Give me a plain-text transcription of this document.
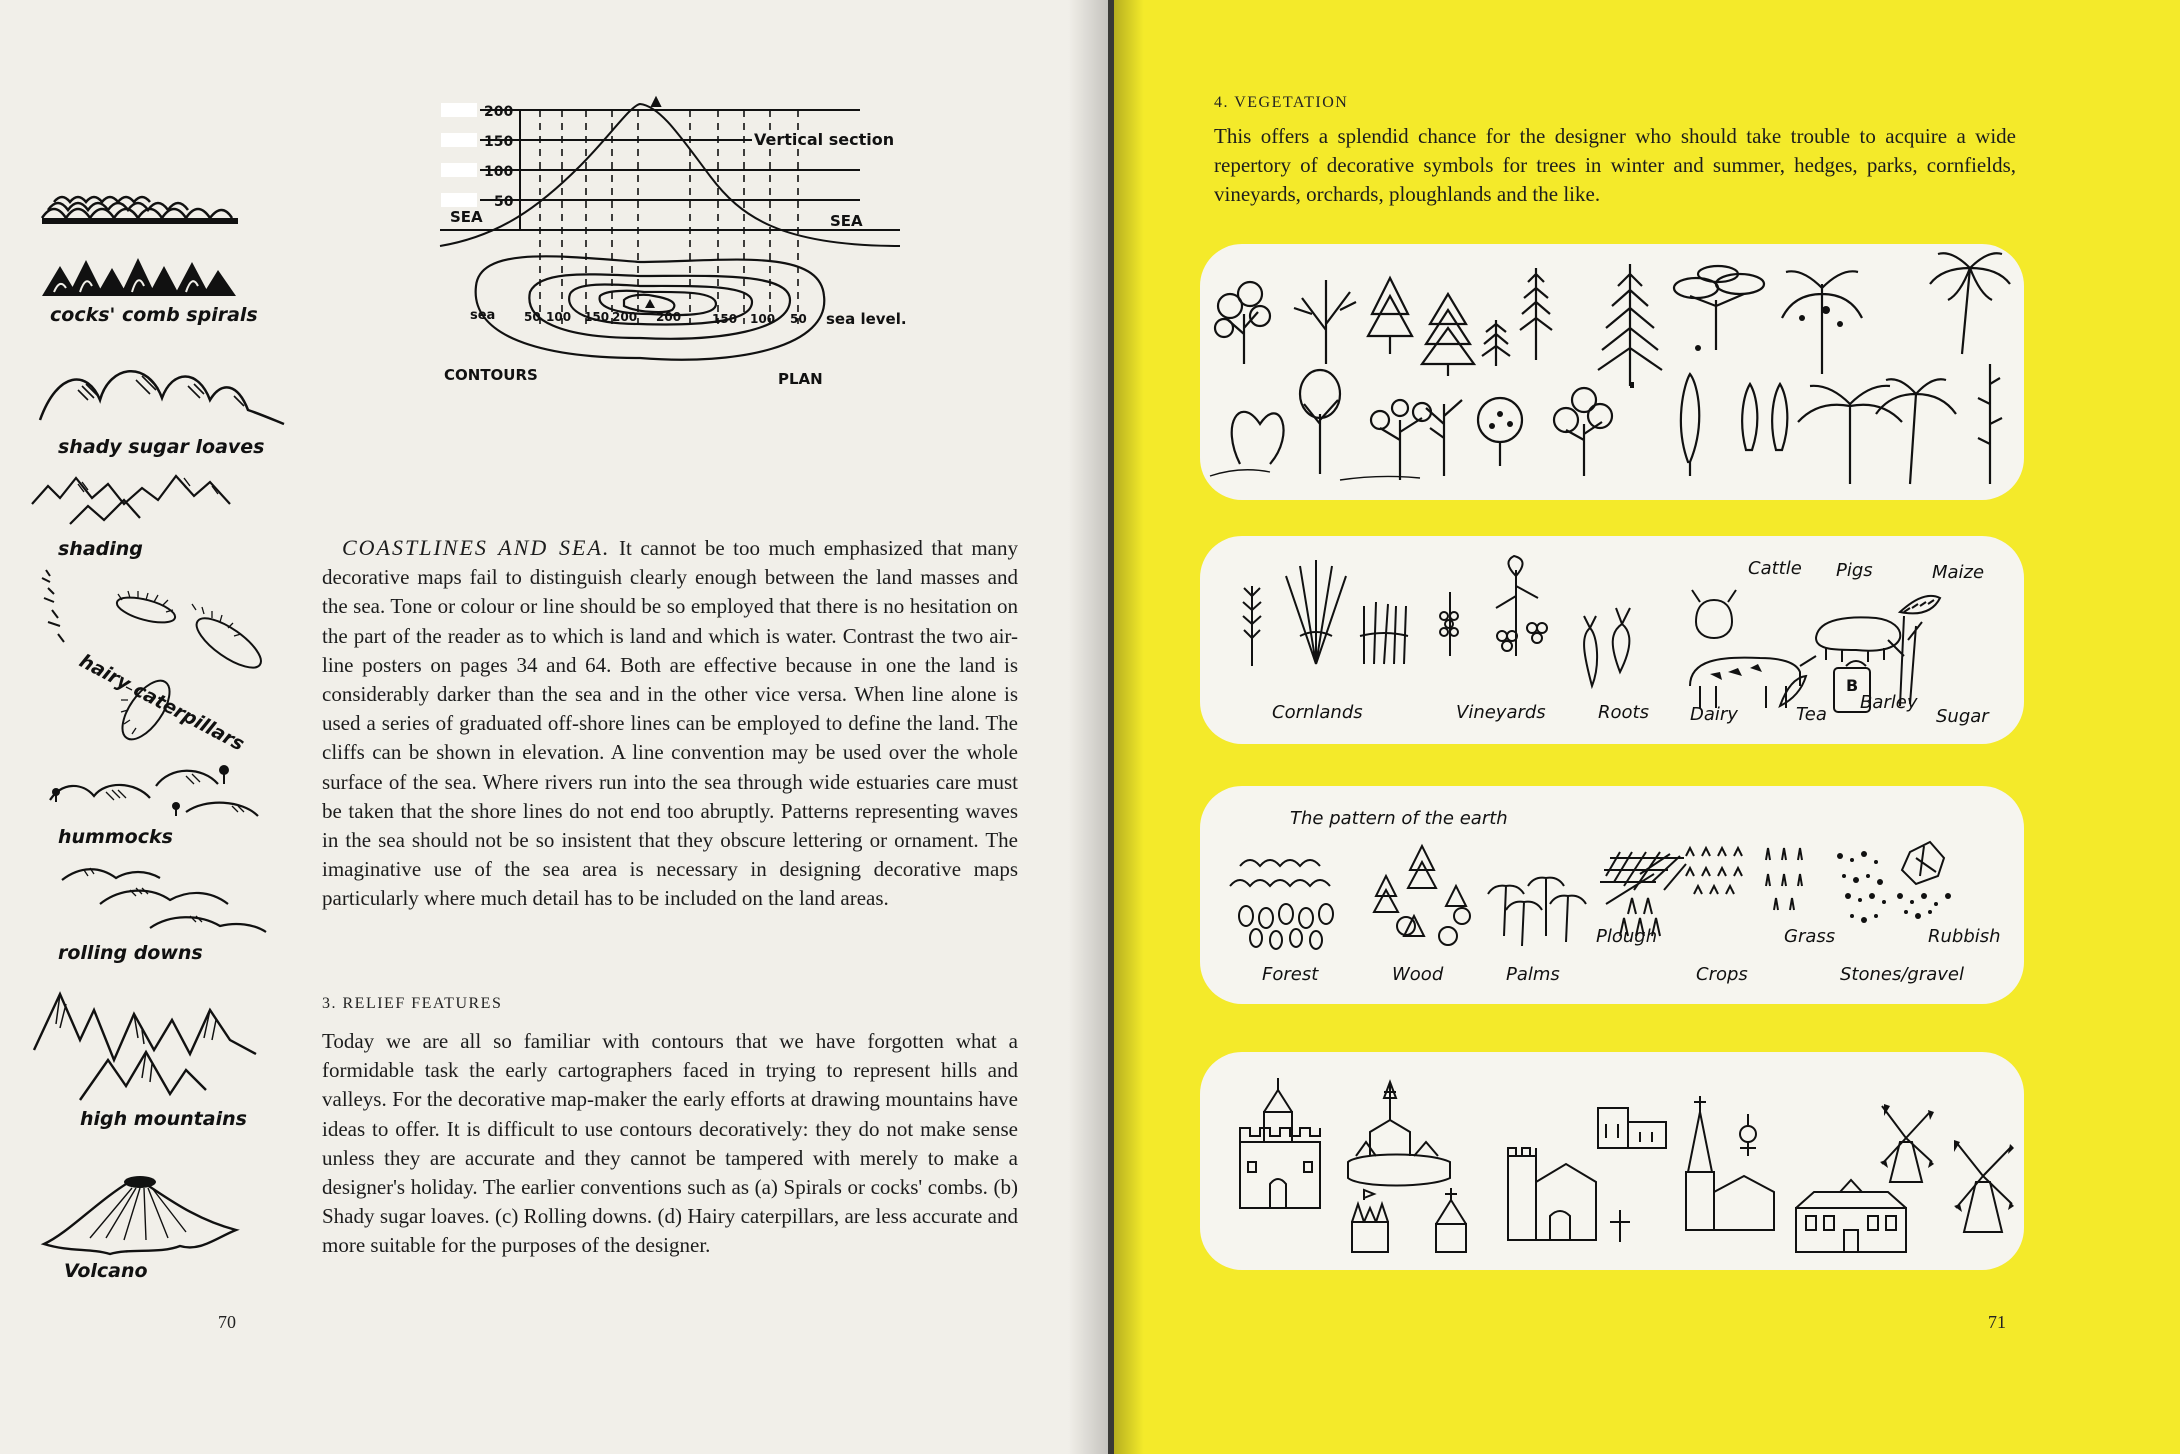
cocks' comb spirals
shady sugar loaves
shading
hairy caterpillars
hummocks
rolling downs
high mountains
Volcano
200
150
100
50
Vertical section
SEA	SEA
sea 50 100 150 200 200	150 100 50 sea level.
CONTOURS	PLAN
COASTLINES AND SEA. It cannot be too much emphasized that many decorative maps fail to distinguish clearly enough between the land masses and the sea. Tone or colour or line should be so employed that there is no hesitation on the part of the reader as to which is land and which is water. Contrast the two air-line posters on pages 34 and 64. Both are effective because in one the land is considerably darker than the sea and in the other vice versa. When line alone is used a series of graduated off-shore lines can be employed to define the land. The cliffs can be shown in elevation. A line convention may be used over the whole surface of the sea. Where rivers run into the sea through wide estuaries care must be taken that the shore lines do not end too abruptly. Patterns representing waves in the sea should not be so insistent that they obscure lettering or ornament. The imaginative use of the sea area is necessary in designing decorative maps particularly where much detail has to be included on the land areas.
3. RELIEF FEATURES
Today we are all so familiar with contours that we have forgotten what a formidable task the early cartographers faced in trying to represent hills and valleys. For the decorative map-maker the early efforts at drawing mountains have ideas to offer. It is difficult to use contours decoratively: they do not make sense unless they are accurate and they cannot be tampered with merely to make a designer's holiday. The earlier conventions such as (a) Spirals or cocks' combs. (b) Shady sugar loaves. (c) Rolling downs. (d) Hairy caterpillars, are less accurate and more suitable for the purposes of the designer.
70
4. VEGETATION
This offers a splendid chance for the designer who should take trouble to acquire a wide repertory of decorative symbols for trees in winter and summer, hedges, parks, cornfields, vineyards, orchards, ploughlands and the like.
Cornlands	Vineyards	Roots Dairy	Tea
Barley
Sugar
Cattle Pigs	Maize
B
The pattern of the earth
Forest	Wood	Palms
Plough
Crops
Grass
Stones/gravel
Rubbish
71
